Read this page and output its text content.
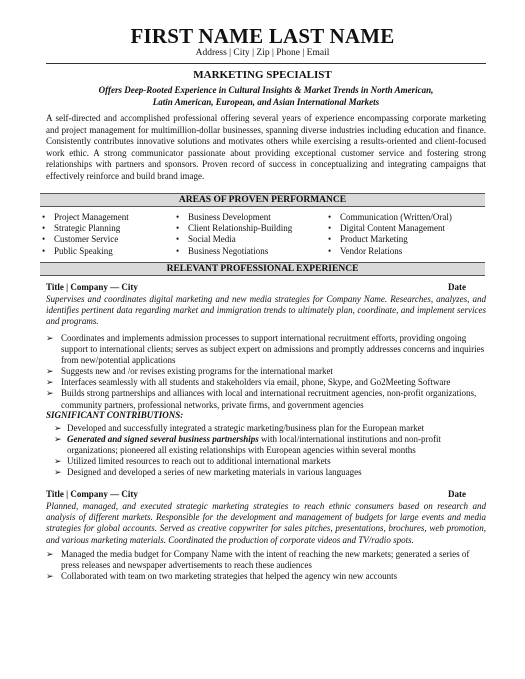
FIRST NAME LAST NAME
Address | City | Zip | Phone | Email
MARKETING SPECIALIST
Offers Deep-Rooted Experience in Cultural Insights & Market Trends in North American,
Latin American, European, and Asian International Markets
A self-directed and accomplished professional offering several years of experience encompassing corporate marketing and project management for multimillion-dollar businesses, spanning diverse industries including education and finance. Consistently contributes innovative solutions and motivates others while exercising a results-oriented and client-focused work ethic. A strong communicator passionate about providing exceptional customer service and fostering strong relationships with partners and sponsors. Proven record of success in conceptualizing and integrating campaigns that effectively reinforce and build brand image.
AREAS OF PROVEN PERFORMANCE
• Project Management
• Strategic Planning
• Customer Service
• Public Speaking
• Business Development
• Client Relationship-Building
• Social Media
• Business Negotiations
• Communication (Written/Oral)
• Digital Content Management
• Product Marketing
• Vendor Relations
RELEVANT PROFESSIONAL EXPERIENCE
Title | Company — City	Date
Supervises and coordinates digital marketing and new media strategies for Company Name. Researches, analyzes, and identifies pertinent data regarding market and immigration trends to ultimately plan, coordinate, and implement services and programs.
➢ Coordinates and implements admission processes to support international recruitment efforts, providing ongoing support to international clients; serves as subject expert on admissions and promptly addresses concerns and inquiries from new/potential applications
➢ Suggests new and /or revises existing programs for the international market
➢ Interfaces seamlessly with all students and stakeholders via email, phone, Skype, and Go2Meeting Software
➢ Builds strong partnerships and alliances with local and international recruitment agencies, non-profit organizations, community partners, professional networks, private firms, and government agencies
SIGNIFICANT CONTRIBUTIONS:
➢ Developed and successfully integrated a strategic marketing/business plan for the European market
➢ Generated and signed several business partnerships with local/international institutions and non-profit organizations; pioneered all existing relationships with European agencies within several months
➢ Utilized limited resources to reach out to additional international markets
➢ Designed and developed a series of new marketing materials in various languages
Title | Company — City	Date
Planned, managed, and executed strategic marketing strategies to reach ethnic consumers based on research and analysis of different markets. Responsible for the development and management of budgets for large events and media strategies for global accounts. Served as creative copywriter for sales pitches, presentations, brochures, web promotion, and various marketing materials. Coordinated the production of corporate videos and TV/radio spots.
➢ Managed the media budget for Company Name with the intent of reaching the new markets; generated a series of press releases and newspaper advertisements to reach these audiences
➢ Collaborated with team on two marketing strategies that helped the agency win new accounts
